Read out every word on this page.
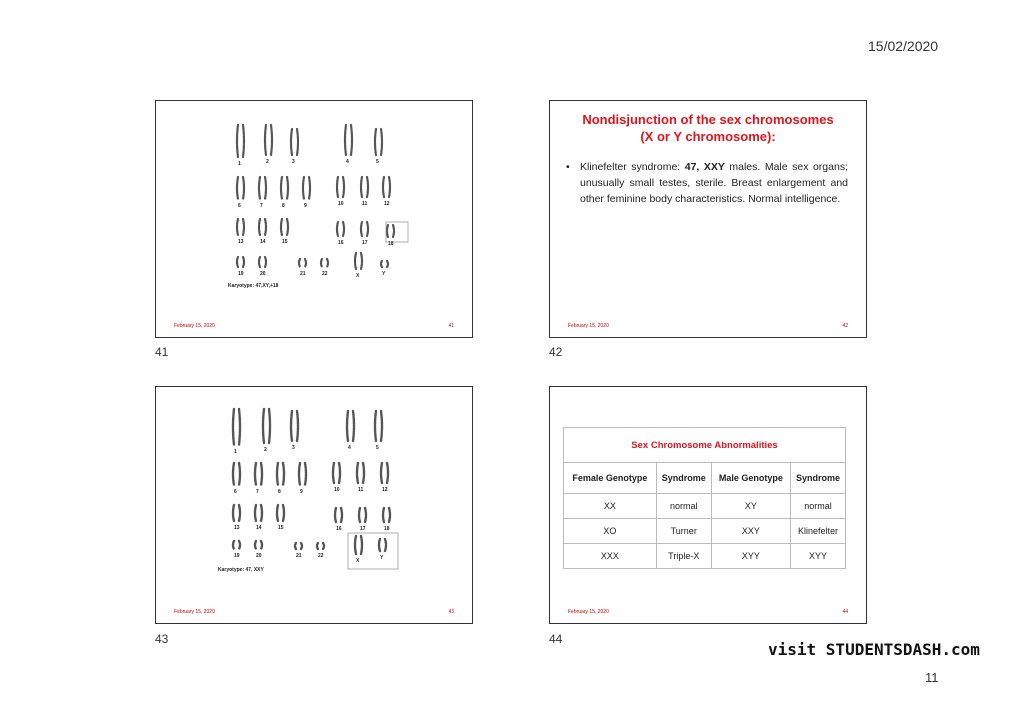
15/02/2020
1	2	3	4	5
6	7	8	9	10	11	12
13	14	15	16	17	18
19	20	21	22	X	Y
Karyotype: 47,XY,+18
February 15, 2020	41
41
Nondisjunction of the sex chromosomes
(X or Y chromosome):
• Klinefelter syndrome: 47, XXY males. Male sex organs; unusually small testes, sterile. Breast enlargement and other feminine body characteristics. Normal intelligence.
February 15, 2020	42
42
1	2	3	4	5
6	7	8	9	10	11	12
13	14	15	16	17	18
19	20	21	22
X	Y
Karyotype: 47, XXY
February 15, 2020	43
43
Sex Chromosome Abnormalities			
Female Genotype	Syndrome	Male Genotype	Syndrome
XX	normal	XY	normal
XO	Turner	XXY	Klinefelter
XXX	Triple-X	XYY	XYY
February 15, 2020	44
44
visit STUDENTSDASH.com
11
